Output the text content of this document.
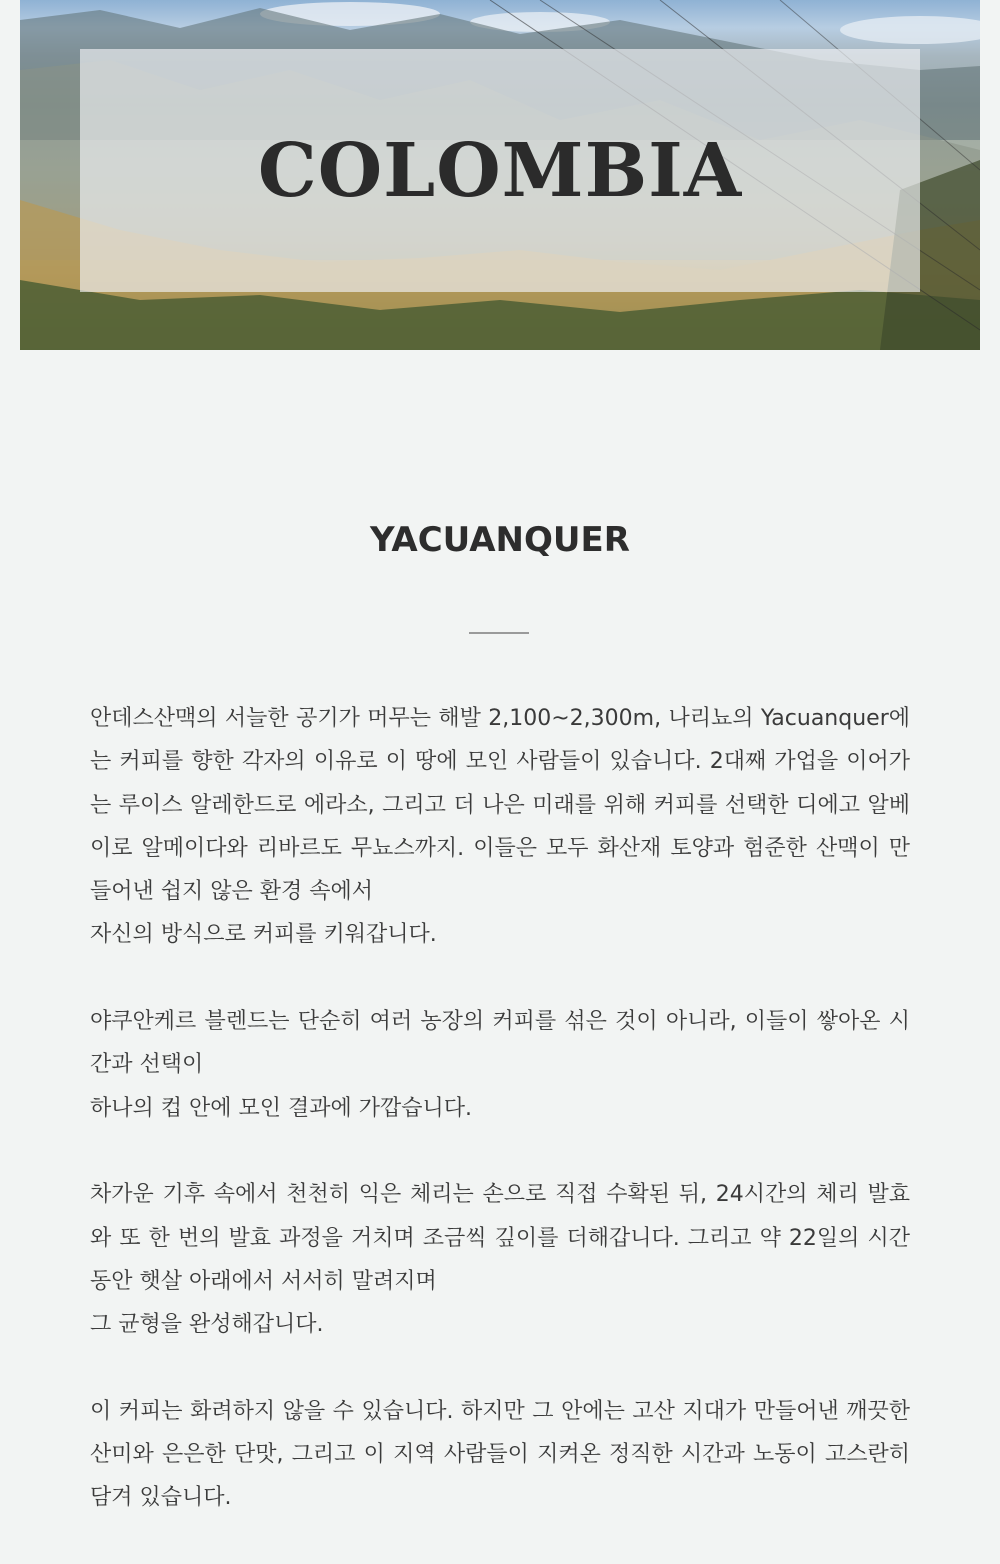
COLOMBIA
YACUANQUER

안데스산맥의 서늘한 공기가 머무는 해발 2,100~2,300m, 나리뇨의 Yacuanquer에는 커피를 향한 각자의 이유로 이 땅에 모인 사람들이 있습니다. 2대째 가업을 이어가는 루이스 알레한드로 에라소, 그리고 더 나은 미래를 위해 커피를 선택한 디에고 알베이로 알메이다와 리바르도 무뇨스까지. 이들은 모두 화산재 토양과 험준한 산맥이 만들어낸 쉽지 않은 환경 속에서
자신의 방식으로 커피를 키워갑니다.

야쿠안케르 블렌드는 단순히 여러 농장의 커피를 섞은 것이 아니라, 이들이 쌓아온 시간과 선택이
하나의 컵 안에 모인 결과에 가깝습니다.

차가운 기후 속에서 천천히 익은 체리는 손으로 직접 수확된 뒤, 24시간의 체리 발효와 또 한 번의 발효 과정을 거치며 조금씩 깊이를 더해갑니다. 그리고 약 22일의 시간 동안 햇살 아래에서 서서히 말려지며
그 균형을 완성해갑니다.

이 커피는 화려하지 않을 수 있습니다. 하지만 그 안에는 고산 지대가 만들어낸 깨끗한 산미와 은은한 단맛, 그리고 이 지역 사람들이 지켜온 정직한 시간과 노동이 고스란히 담겨 있습니다.
